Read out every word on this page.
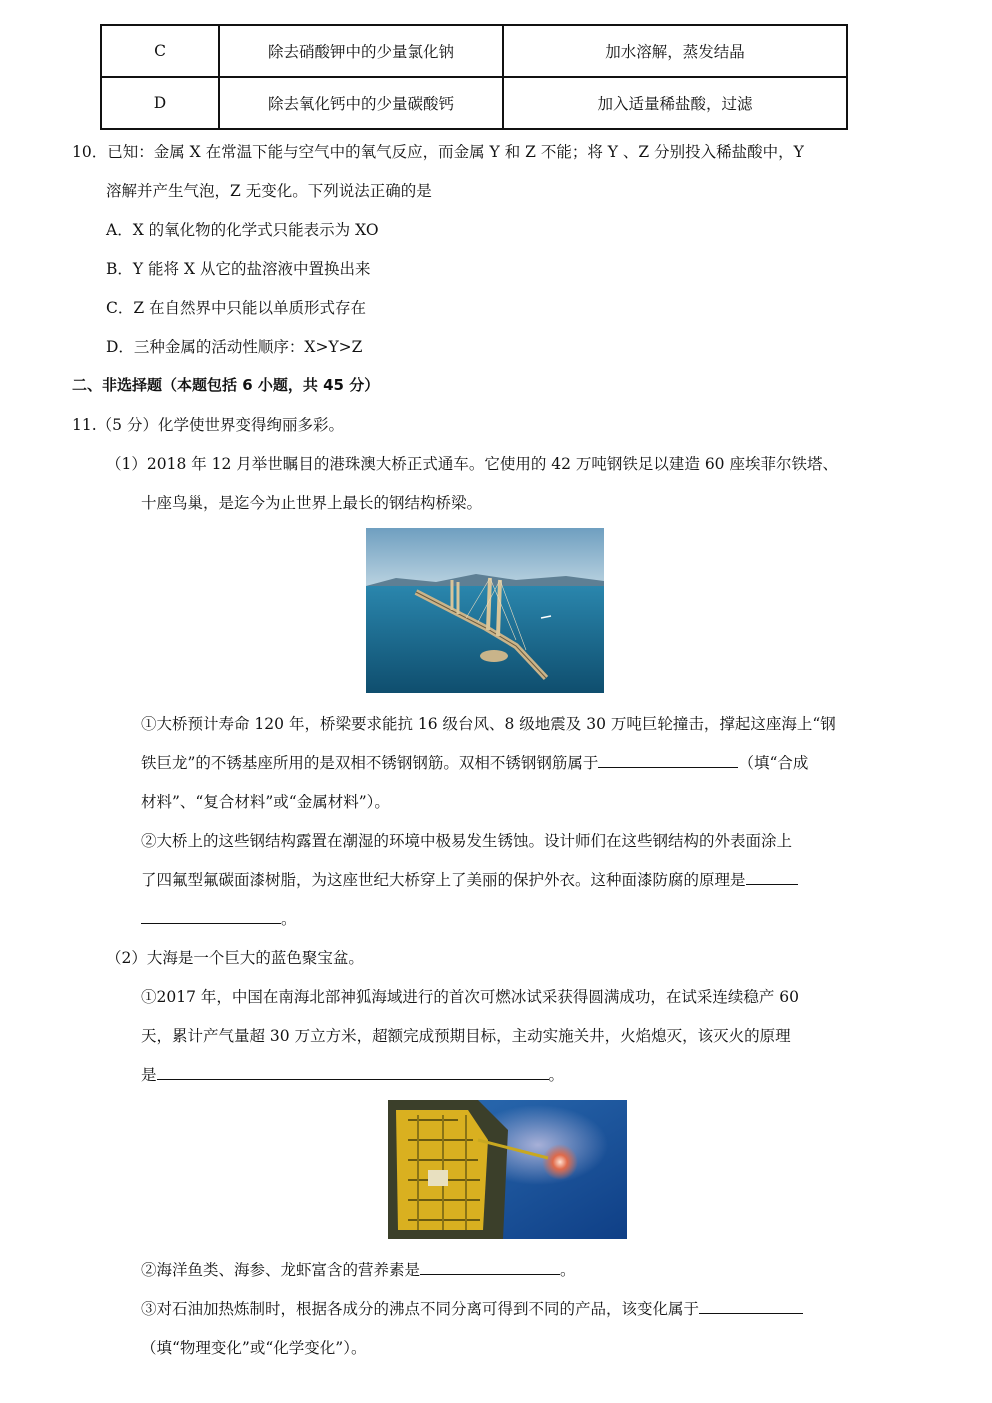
C	除去硝酸钾中的少量氯化钠	加水溶解，蒸发结晶
D	除去氧化钙中的少量碳酸钙	加入适量稀盐酸，过滤
10．已知：金属 X 在常温下能与空气中的氧气反应，而金属 Y 和 Z 不能；将 Y 、Z 分别投入稀盐酸中，Y
溶解并产生气泡，Z 无变化。下列说法正确的是
A．X 的氧化物的化学式只能表示为 XO
B．Y 能将 X 从它的盐溶液中置换出来
C．Z 在自然界中只能以单质形式存在
D．三种金属的活动性顺序：X>Y>Z
二、非选择题（本题包括 6 小题，共 45 分）
11.（5 分）化学使世界变得绚丽多彩。
（1）2018 年 12 月举世瞩目的港珠澳大桥正式通车。它使用的 42 万吨钢铁足以建造 60 座埃菲尔铁塔、
十座鸟巢，是迄今为止世界上最长的钢结构桥梁。
①大桥预计寿命 120 年，桥梁要求能抗 16 级台风、8 级地震及 30 万吨巨轮撞击，撑起这座海上“钢
铁巨龙”的不锈基座所用的是双相不锈钢钢筋。双相不锈钢钢筋属于	（填“合成
材料”、“复合材料”或“金属材料”）。
②大桥上的这些钢结构露置在潮湿的环境中极易发生锈蚀。设计师们在这些钢结构的外表面涂上
了四氟型氟碳面漆树脂，为这座世纪大桥穿上了美丽的保护外衣。这种面漆防腐的原理是
。
（2）大海是一个巨大的蓝色聚宝盆。
①2017 年，中国在南海北部神狐海域进行的首次可燃冰试采获得圆满成功，在试采连续稳产 60
天，累计产气量超 30 万立方米，超额完成预期目标，主动实施关井，火焰熄灭，该灭火的原理
是	。
②海洋鱼类、海参、龙虾富含的营养素是	。
③对石油加热炼制时，根据各成分的沸点不同分离可得到不同的产品，该变化属于
（填“物理变化”或“化学变化”）。
